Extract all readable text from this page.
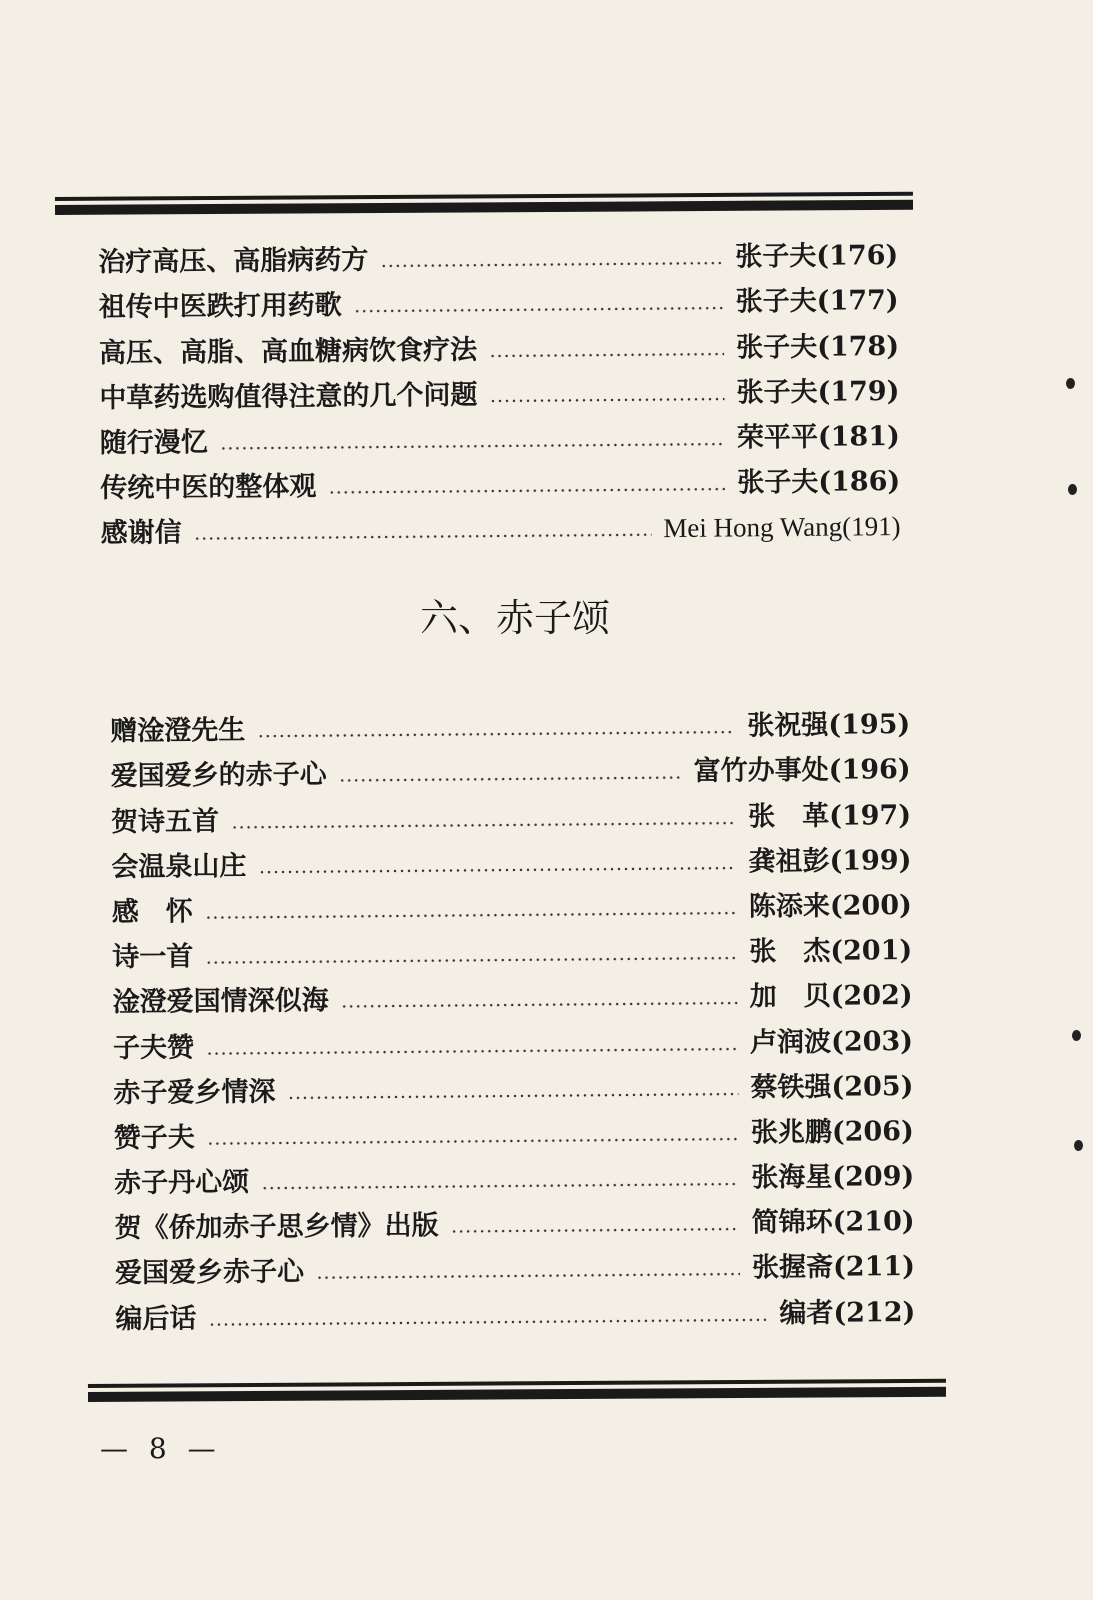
治疗高压、高脂病药方	张子夫(176)
祖传中医跌打用药歌	张子夫(177)
高压、高脂、高血糖病饮食疗法	张子夫(178)
中草药选购值得注意的几个问题	张子夫(179)
随行漫忆	荣平平(181)
传统中医的整体观	张子夫(186)
感谢信	Mei Hong Wang(191)
六、赤子颂
赠淦澄先生	张祝强(195)
爱国爱乡的赤子心	富竹办事处(196)
贺诗五首	张　革(197)
会温泉山庄	龚祖彭(199)
感　怀	陈添来(200)
诗一首	张　杰(201)
淦澄爱国情深似海	加　贝(202)
子夫赞	卢润波(203)
赤子爱乡情深	蔡铁强(205)
赞子夫	张兆鹏(206)
赤子丹心颂	张海星(209)
贺《侨加赤子思乡情》出版	简锦环(210)
爱国爱乡赤子心	张握斋(211)
编后话	编者(212)
— 8 —
